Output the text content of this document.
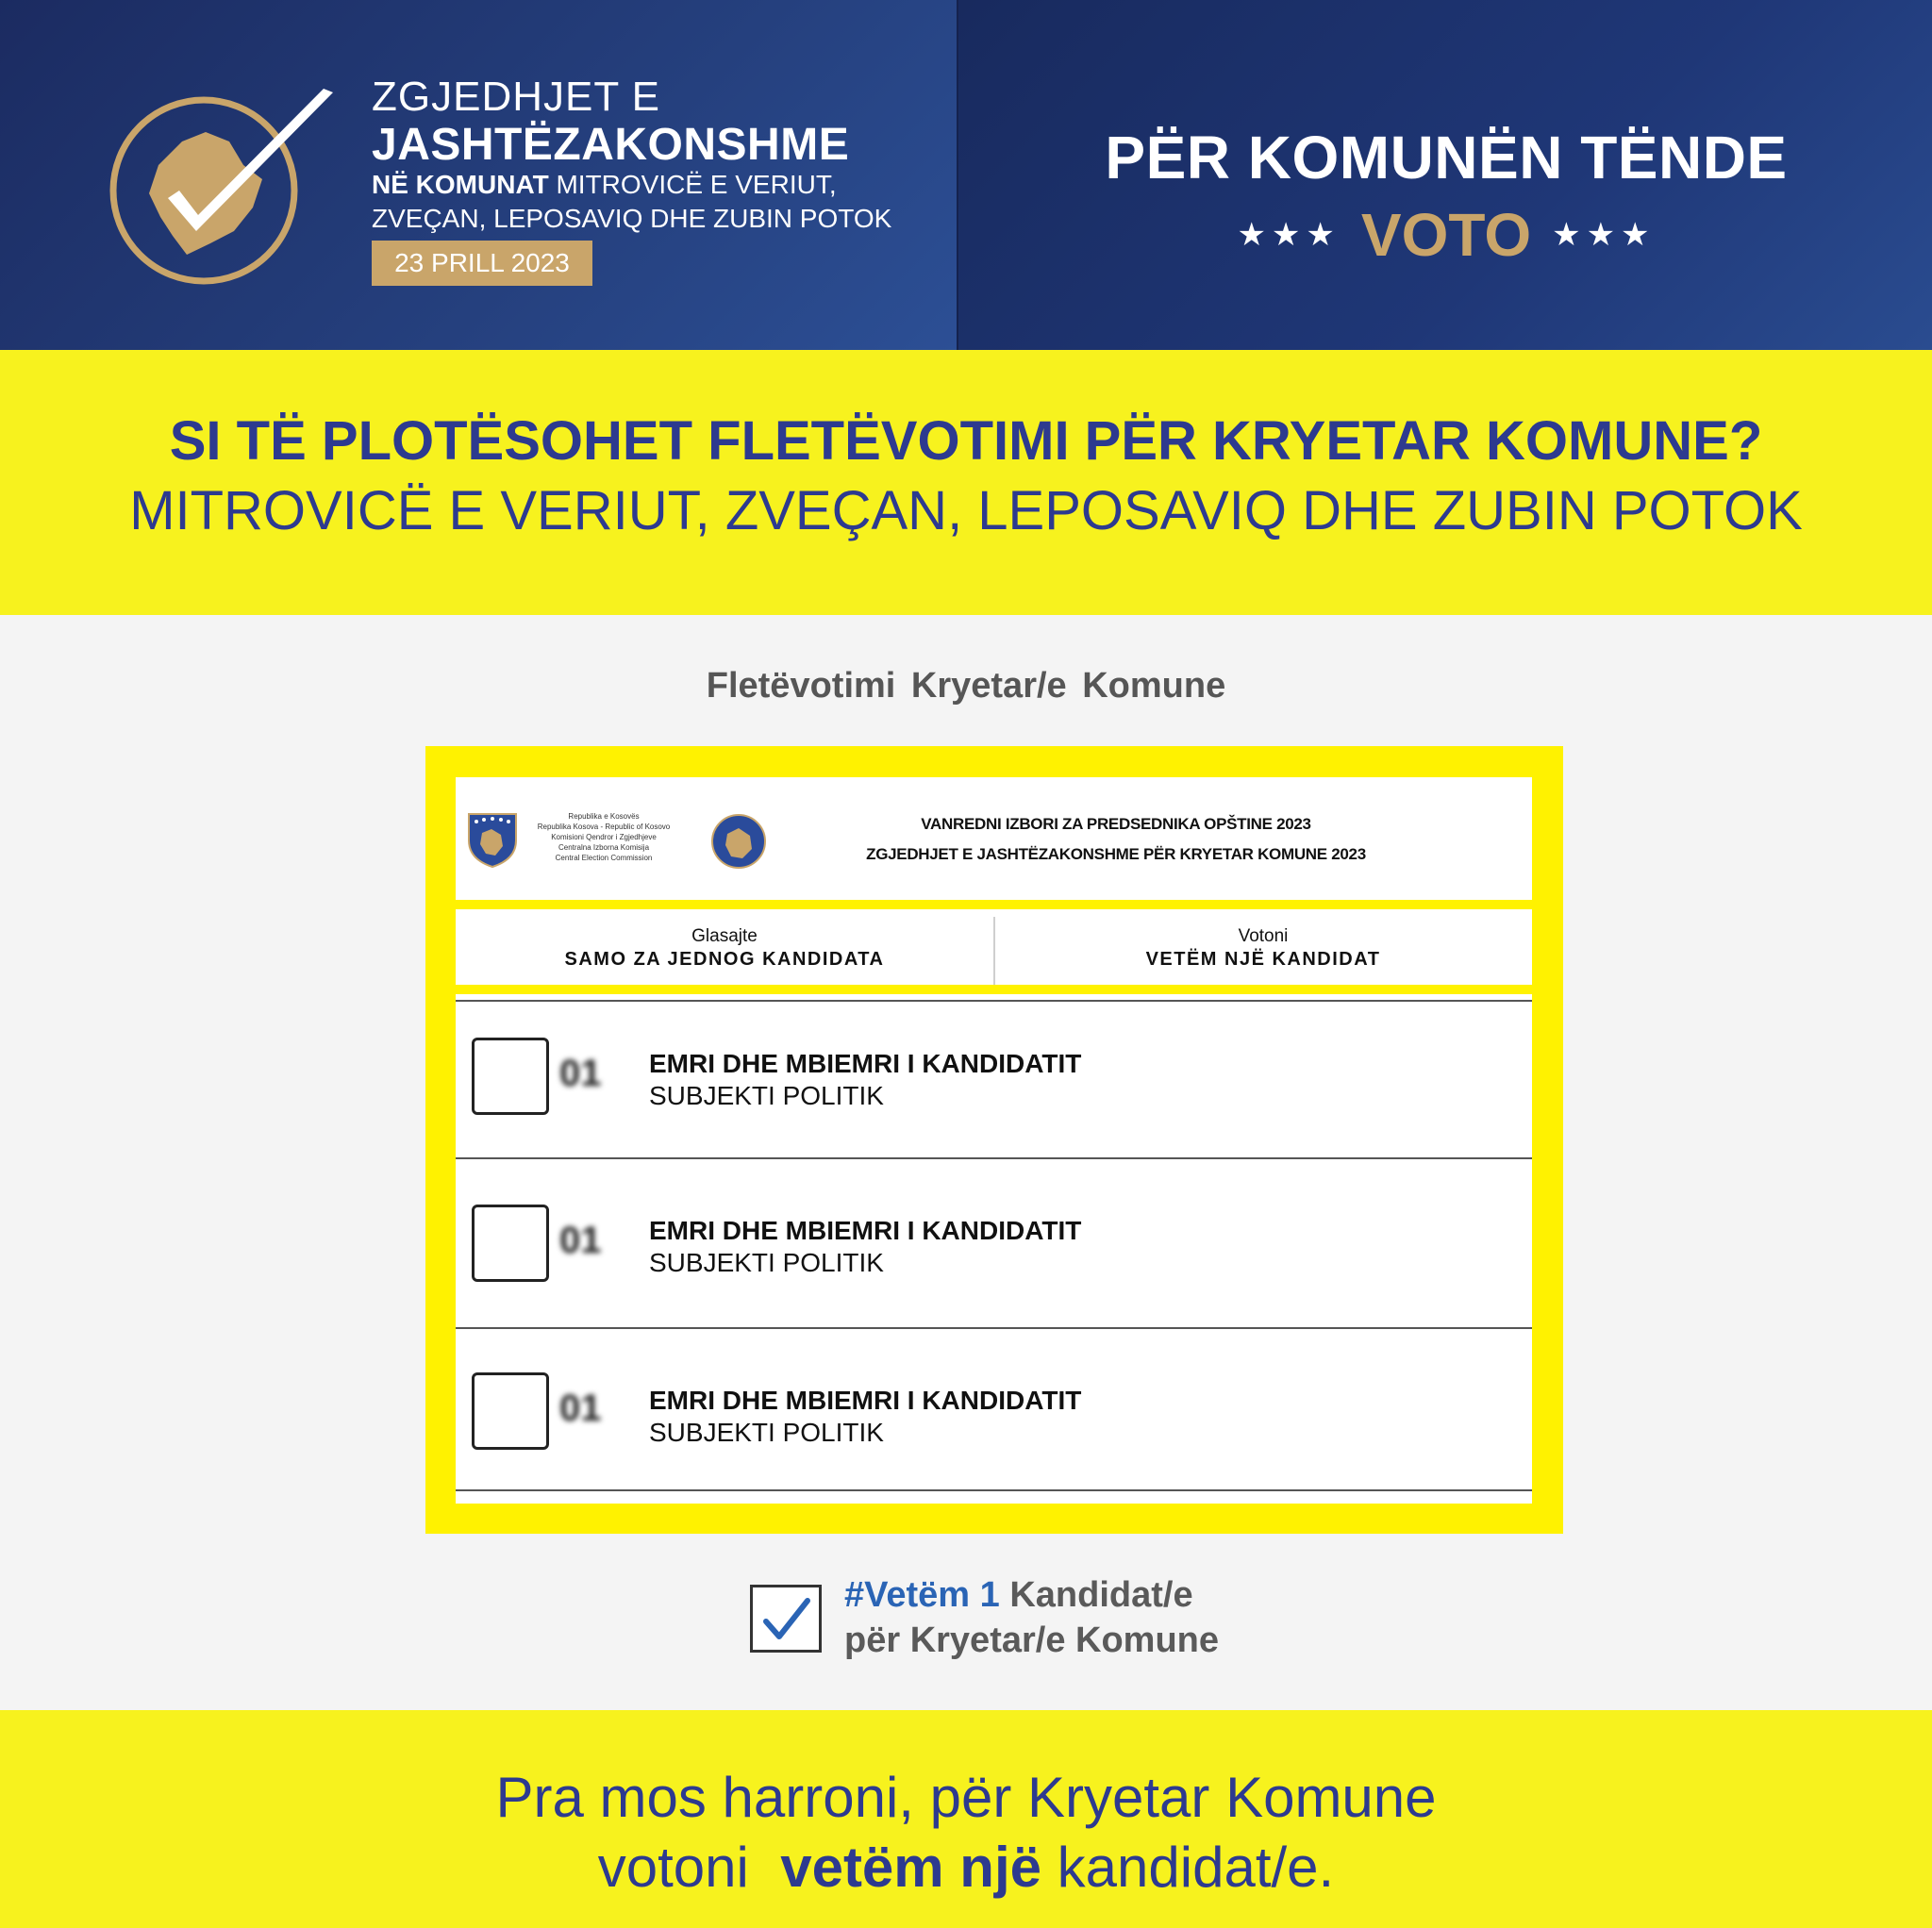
ZGJEDHJET E
JASHTËZAKONSHME
NË KOMUNAT MITROVICË E VERIUT,
ZVEÇAN, LEPOSAVIQ DHE ZUBIN POTOK
23 PRILL 2023
PËR KOMUNËN TËNDE
★★★ VOTO ★★★
SI TË PLOTËSOHET FLETËVOTIMI PËR KRYETAR KOMUNE?
MITROVICË E VERIUT, ZVEÇAN, LEPOSAVIQ DHE ZUBIN POTOK
Fletëvotimi Kryetar/e Komune
Republika e Kosovës
Republika Kosova - Republic of Kosovo
Komisioni Qendror i Zgjedhjeve
Centralna Izborna Komisija
Central Election Commission
VANREDNI IZBORI ZA PREDSEDNIKA OPŠTINE 2023
ZGJEDHJET E JASHTËZAKONSHME PËR KRYETAR KOMUNE 2023
Glasajte
SAMO ZA JEDNOG KANDIDATA
Votoni
VETËM NJË KANDIDAT
01 EMRI DHE MBIEMRI I KANDIDATIT
SUBJEKTI POLITIK
01 EMRI DHE MBIEMRI I KANDIDATIT
SUBJEKTI POLITIK
01 EMRI DHE MBIEMRI I KANDIDATIT
SUBJEKTI POLITIK
#Vetëm 1 Kandidat/e
për Kryetar/e Komune
Pra mos harroni, për Kryetar Komune
votoni  vetëm një kandidat/e.
